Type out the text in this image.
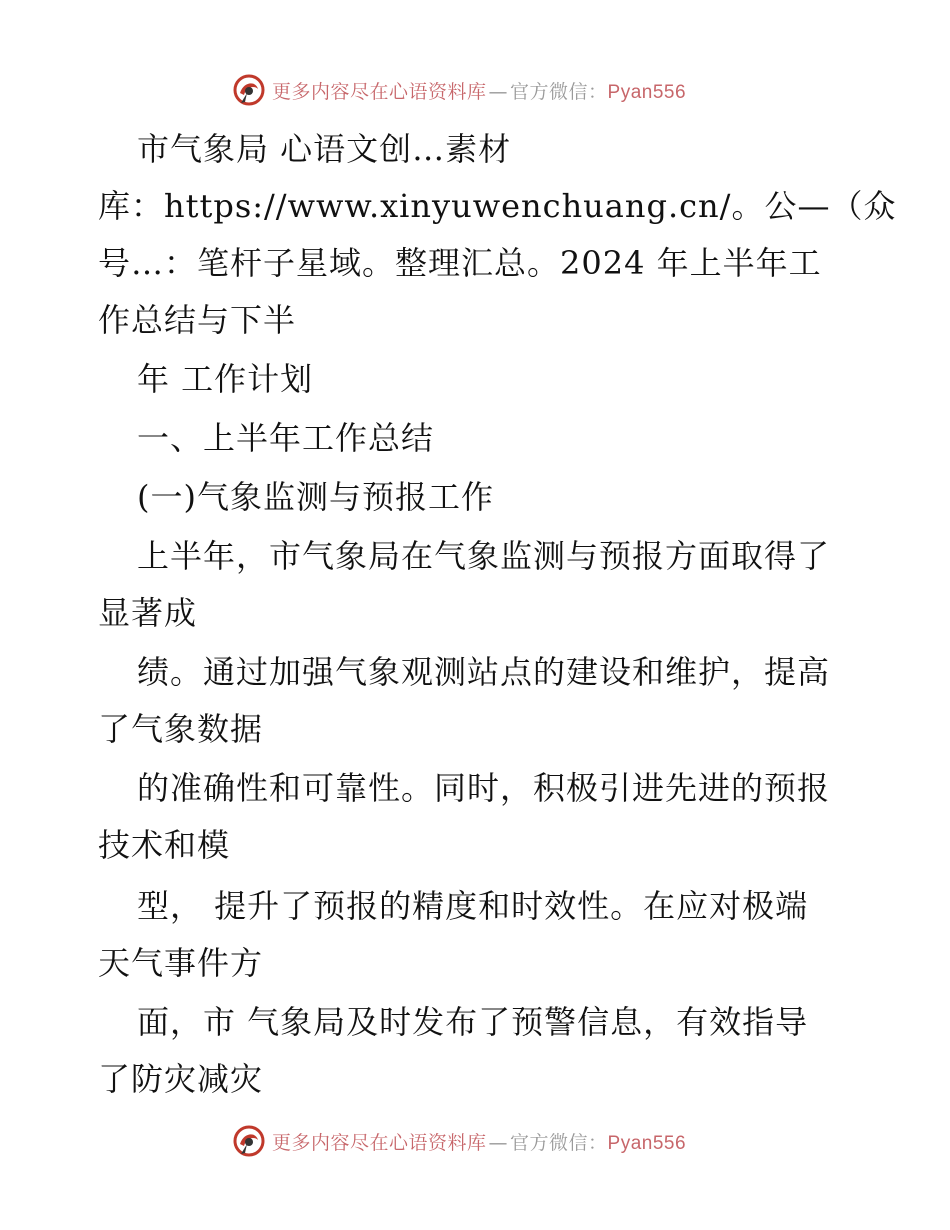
更多内容尽在心语资料库 — 官方微信：Pyan556
市气象局 心语文创…素材
库：https://www.xinyuwenchuang.cn/。公—（众
号…：笔杆子星域。整理汇总。2024 年上半年工
作总结与下半
年 工作计划
一、上半年工作总结
(一)气象监测与预报工作
上半年，市气象局在气象监测与预报方面取得了
显著成
绩。通过加强气象观测站点的建设和维护，提高
了气象数据
的准确性和可靠性。同时，积极引进先进的预报
技术和模
型， 提升了预报的精度和时效性。在应对极端
天气事件方
面，市 气象局及时发布了预警信息，有效指导
了防灾减灾
更多内容尽在心语资料库 — 官方微信：Pyan556
